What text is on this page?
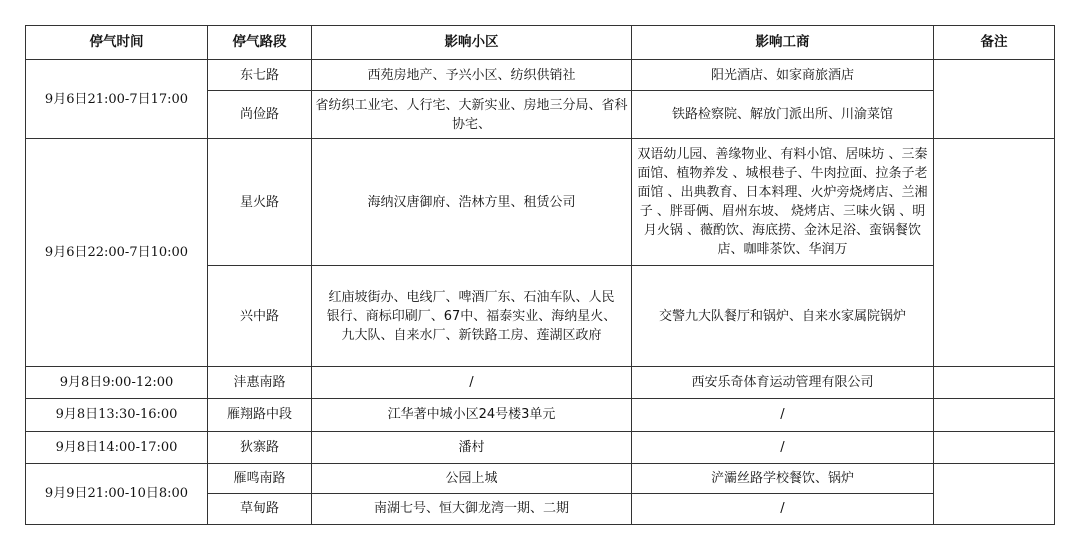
停气时间	停气路段	影响小区	影响工商	备注
9月6日21:00-7日17:00	东七路	西苑房地产、予兴小区、纺织供销社	阳光酒店、如家商旅酒店	
	尚俭路	省纺织工业宅、人行宅、大新实业、房地三分局、省科协宅、	铁路检察院、解放门派出所、川渝菜馆	
9月6日22:00-7日10:00	星火路	海纳汉唐御府、浩林方里、租赁公司	双语幼儿园、善缘物业、有料小馆、居味坊 、三秦面馆、植物养发 、城根巷子、牛肉拉面、拉条子老面馆 、出典教育、日本料理、火炉旁烧烤店、兰湘子 、胖哥俩、眉州东坡、 烧烤店、三味火锅 、明月火锅 、薇酌饮、海底捞、金沐足浴、蛮锅餐饮店、咖啡茶饮、华润万	
	兴中路	红庙坡街办、电线厂、啤酒厂东、石油车队、人民银行、商标印刷厂、67中、福泰实业、海纳星火、九大队、自来水厂、新铁路工房、莲湖区政府	交警九大队餐厅和锅炉、自来水家属院锅炉	
9月8日9:00-12:00	沣惠南路	/	西安乐奇体育运动管理有限公司	
9月8日13:30-16:00	雁翔路中段	江华著中城小区24号楼3单元	/	
9月8日14:00-17:00	狄寨路	潘村	/	
9月9日21:00-10日8:00	雁鸣南路	公园上城	浐灞丝路学校餐饮、锅炉	
	草甸路	南湖七号、恒大御龙湾一期、二期	/	
